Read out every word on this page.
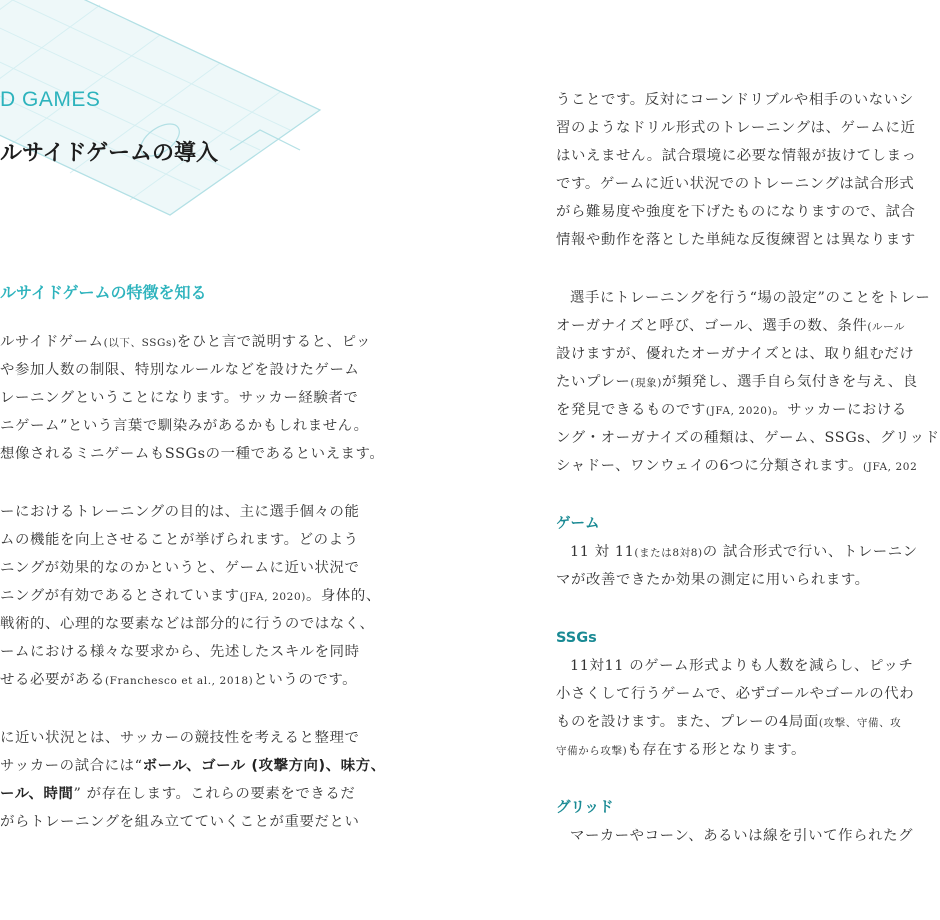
D GAMES
ルサイドゲームの導入
ルサイドゲームの特徴を知る
ルサイドゲーム(以下、SSGs)をひと言で説明すると、ピッ
や参加人数の制限、特別なルールなどを設けたゲーム
レーニングということになります。サッカー経験者で
ニゲーム”という言葉で馴染みがあるかもしれません。
想像されるミニゲームもSSGsの一種であるといえます。
ーにおけるトレーニングの目的は、主に選手個々の能
ムの機能を向上させることが挙げられます。どのよう
ニングが効果的なのかというと、ゲームに近い状況で
ニングが有効であるとされています(JFA, 2020)。身体的、
戦術的、心理的な要素などは部分的に行うのではなく、
ームにおける様々な要求から、先述したスキルを同時
せる必要がある(Franchesco et al., 2018)というのです。
に近い状況とは、サッカーの競技性を考えると整理で
サッカーの試合には“ボール、ゴール (攻撃方向)、味方、
ール、時間” が存在します。これらの要素をできるだ
がらトレーニングを組み立てていくことが重要だとい
うことです。反対にコーンドリブルや相手のいないシ
習のようなドリル形式のトレーニングは、ゲームに近
はいえません。試合環境に必要な情報が抜けてしまっ
です。ゲームに近い状況でのトレーニングは試合形式
がら難易度や強度を下げたものになりますので、試合
情報や動作を落とした単純な反復練習とは異なります
選手にトレーニングを行う“場の設定”のことをトレー
オーガナイズと呼び、ゴール、選手の数、条件(ルール
設けますが、優れたオーガナイズとは、取り組むだけ
たいプレー(現象)が頻発し、選手自ら気付きを与え、良
を発見できるものです(JFA, 2020)。サッカーにおける
ング・オーガナイズの種類は、ゲーム、SSGs、グリッド
シャドー、ワンウェイの6つに分類されます。(JFA, 202
ゲーム
11 対 11(または8対8)の 試合形式で行い、トレーニン
マが改善できたか効果の測定に用いられます。
SSGs
11対11 のゲーム形式よりも人数を減らし、ピッチ
小さくして行うゲームで、必ずゴールやゴールの代わ
ものを設けます。また、プレーの4局面(攻撃、守備、攻
守備から攻撃)も存在する形となります。
グリッド
マーカーやコーン、あるいは線を引いて作られたグ
